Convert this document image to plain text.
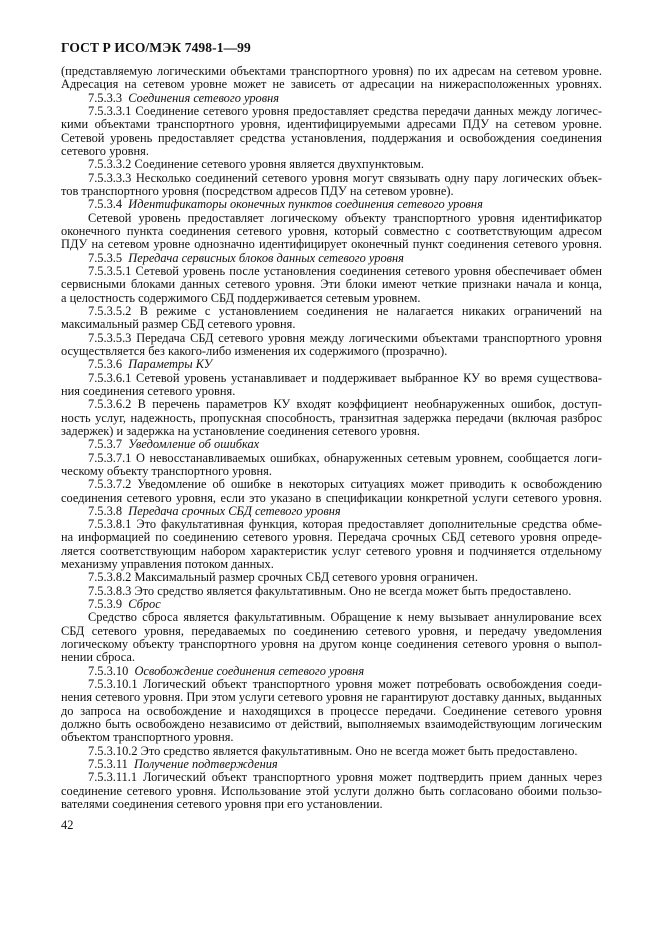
ГОСТ Р ИСО/МЭК 7498-1—99
(представляемую логическими объектами транспортного уровня) по их адресам на сетевом уровне.
Адресация на сетевом уровне может не зависеть от адресации на нижерасположенных уровнях.
7.5.3.3 Соединения сетевого уровня
7.5.3.3.1 Соединение сетевого уровня предоставляет средства передачи данных между логичес-
кими объектами транспортного уровня, идентифицируемыми адресами ПДУ на сетевом уровне.
Сетевой уровень предоставляет средства установления, поддержания и освобождения соединения
сетевого уровня.
7.5.3.3.2 Соединение сетевого уровня является двухпунктовым.
7.5.3.3.3 Несколько соединений сетевого уровня могут связывать одну пару логических объек-
тов транспортного уровня (посредством адресов ПДУ на сетевом уровне).
7.5.3.4 Идентификаторы оконечных пунктов соединения сетевого уровня
Сетевой уровень предоставляет логическому объекту транспортного уровня идентификатор
оконечного пункта соединения сетевого уровня, который совместно с соответствующим адресом
ПДУ на сетевом уровне однозначно идентифицирует оконечный пункт соединения сетевого уровня.
7.5.3.5 Передача сервисных блоков данных сетевого уровня
7.5.3.5.1 Сетевой уровень после установления соединения сетевого уровня обеспечивает обмен
сервисными блоками данных сетевого уровня. Эти блоки имеют четкие признаки начала и конца,
а целостность содержимого СБД поддерживается сетевым уровнем.
7.5.3.5.2 В режиме с установлением соединения не налагается никаких ограничений на
максимальный размер СБД сетевого уровня.
7.5.3.5.3 Передача СБД сетевого уровня между логическими объектами транспортного уровня
осуществляется без какого-либо изменения их содержимого (прозрачно).
7.5.3.6 Параметры КУ
7.5.3.6.1 Сетевой уровень устанавливает и поддерживает выбранное КУ во время существова-
ния соединения сетевого уровня.
7.5.3.6.2 В перечень параметров КУ входят коэффициент необнаруженных ошибок, доступ-
ность услуг, надежность, пропускная способность, транзитная задержка передачи (включая разброс
задержек) и задержка на установление соединения сетевого уровня.
7.5.3.7 Уведомление об ошибках
7.5.3.7.1 О невосстанавливаемых ошибках, обнаруженных сетевым уровнем, сообщается логи-
ческому объекту транспортного уровня.
7.5.3.7.2 Уведомление об ошибке в некоторых ситуациях может приводить к освобождению
соединения сетевого уровня, если это указано в спецификации конкретной услуги сетевого уровня.
7.5.3.8 Передача срочных СБД сетевого уровня
7.5.3.8.1 Это факультативная функция, которая предоставляет дополнительные средства обме-
на информацией по соединению сетевого уровня. Передача срочных СБД сетевого уровня опреде-
ляется соответствующим набором характеристик услуг сетевого уровня и подчиняется отдельному
механизму управления потоком данных.
7.5.3.8.2 Максимальный размер срочных СБД сетевого уровня ограничен.
7.5.3.8.3 Это средство является факультативным. Оно не всегда может быть предоставлено.
7.5.3.9 Сброс
Средство сброса является факультативным. Обращение к нему вызывает аннулирование всех
СБД сетевого уровня, передаваемых по соединению сетевого уровня, и передачу уведомления
логическому объекту транспортного уровня на другом конце соединения сетевого уровня о выпол-
нении сброса.
7.5.3.10 Освобождение соединения сетевого уровня
7.5.3.10.1 Логический объект транспортного уровня может потребовать освобождения соеди-
нения сетевого уровня. При этом услуги сетевого уровня не гарантируют доставку данных, выданных
до запроса на освобождение и находящихся в процессе передачи. Соединение сетевого уровня
должно быть освобождено независимо от действий, выполняемых взаимодействующим логическим
объектом транспортного уровня.
7.5.3.10.2 Это средство является факультативным. Оно не всегда может быть предоставлено.
7.5.3.11 Получение подтверждения
7.5.3.11.1 Логический объект транспортного уровня может подтвердить прием данных через
соединение сетевого уровня. Использование этой услуги должно быть согласовано обоими пользо-
вателями соединения сетевого уровня при его установлении.
42
